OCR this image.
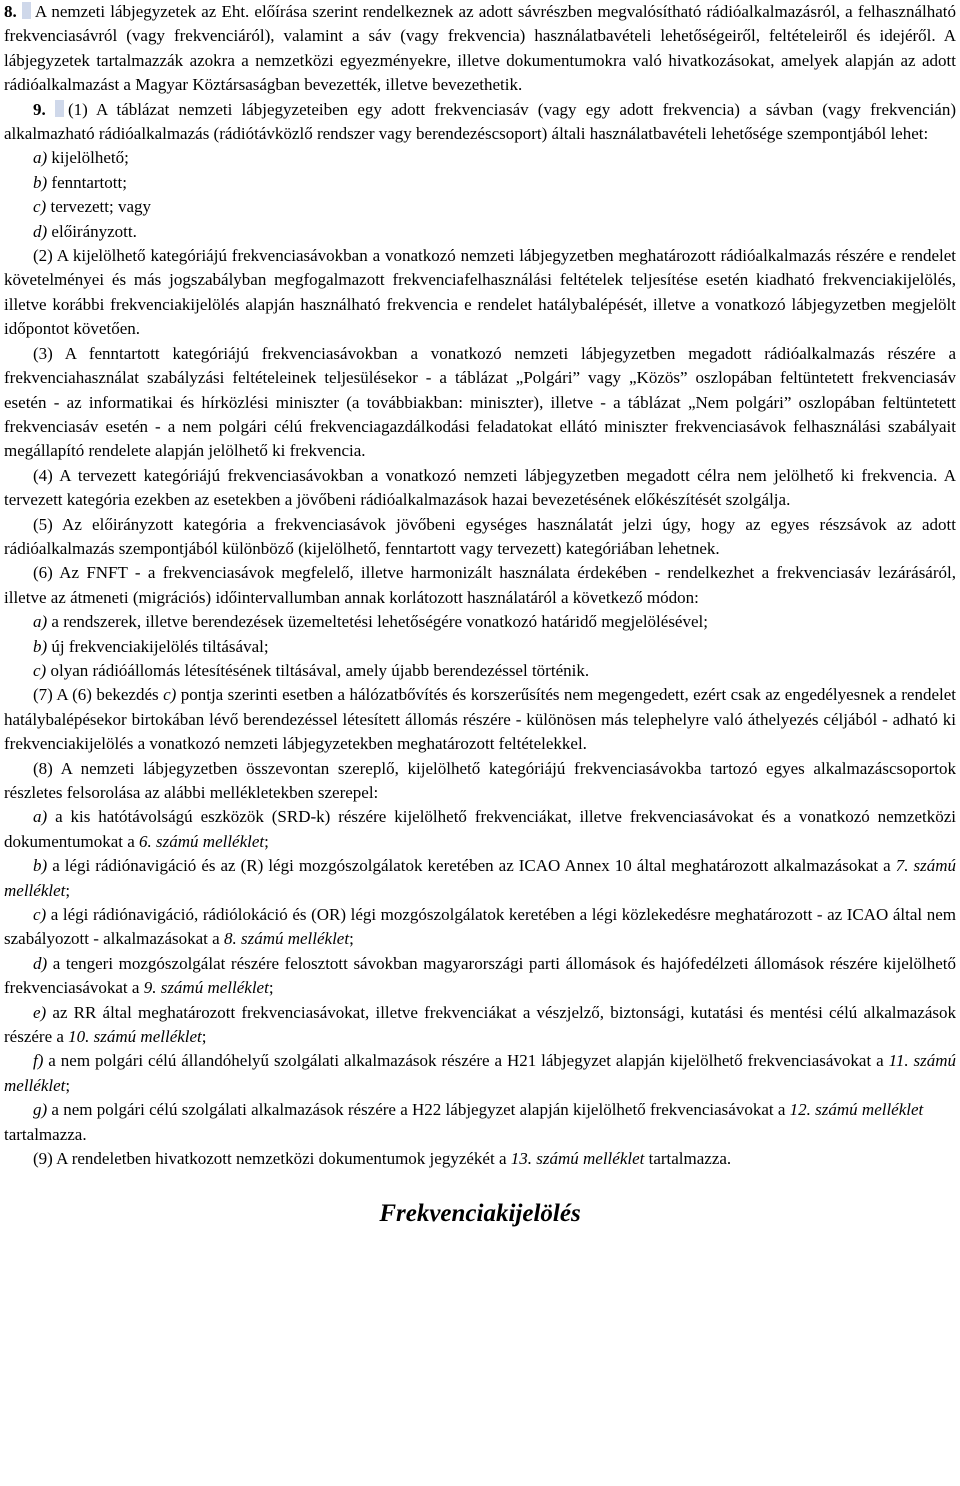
8. A nemzeti lábjegyzetek az Eht. előírása szerint rendelkeznek az adott sávrészben megvalósítható rádióalkalmazásról, a felhasználható frekvenciasávról (vagy frekvenciáról), valamint a sáv (vagy frekvencia) használatbavételi lehetőségeiről, feltételeiről és idejéről. A lábjegyzetek tartalmazzák azokra a nemzetközi egyezményekre, illetve dokumentumokra való hivatkozásokat, amelyek alapján az adott rádióalkalmazást a Magyar Köztársaságban bevezették, illetve bevezethetik.

9. (1) A táblázat nemzeti lábjegyzeteiben egy adott frekvenciasáv (vagy egy adott frekvencia) a sávban (vagy frekvencián) alkalmazható rádióalkalmazás (rádiótávközlő rendszer vagy berendezéscsoport) általi használatbavételi lehetősége szempontjából lehet:

a) kijelölhető;

b) fenntartott;

c) tervezett; vagy

d) előirányzott.

(2) A kijelölhető kategóriájú frekvenciasávokban a vonatkozó nemzeti lábjegyzetben meghatározott rádióalkalmazás részére e rendelet követelményei és más jogszabályban megfogalmazott frekvenciafelhasználási feltételek teljesítése esetén kiadható frekvenciakijelölés, illetve korábbi frekvenciakijelölés alapján használható frekvencia e rendelet hatálybalépését, illetve a vonatkozó lábjegyzetben megjelölt időpontot követően.

(3) A fenntartott kategóriájú frekvenciasávokban a vonatkozó nemzeti lábjegyzetben megadott rádióalkalmazás részére a frekvenciahasználat szabályzási feltételeinek teljesülésekor - a táblázat „Polgári” vagy „Közös” oszlopában feltüntetett frekvenciasáv esetén - az informatikai és hírközlési miniszter (a továbbiakban: miniszter), illetve - a táblázat „Nem polgári” oszlopában feltüntetett frekvenciasáv esetén - a nem polgári célú frekvenciagazdálkodási feladatokat ellátó miniszter frekvenciasávok felhasználási szabályait megállapító rendelete alapján jelölhető ki frekvencia.

(4) A tervezett kategóriájú frekvenciasávokban a vonatkozó nemzeti lábjegyzetben megadott célra nem jelölhető ki frekvencia. A tervezett kategória ezekben az esetekben a jövőbeni rádióalkalmazások hazai bevezetésének előkészítését szolgálja.

(5) Az előirányzott kategória a frekvenciasávok jövőbeni egységes használatát jelzi úgy, hogy az egyes részsávok az adott rádióalkalmazás szempontjából különböző (kijelölhető, fenntartott vagy tervezett) kategóriában lehetnek.

(6) Az FNFT - a frekvenciasávok megfelelő, illetve harmonizált használata érdekében - rendelkezhet a frekvenciasáv lezárásáról, illetve az átmeneti (migrációs) időintervallumban annak korlátozott használatáról a következő módon:

a) a rendszerek, illetve berendezések üzemeltetési lehetőségére vonatkozó határidő megjelölésével;

b) új frekvenciakijelölés tiltásával;

c) olyan rádióállomás létesítésének tiltásával, amely újabb berendezéssel történik.

(7) A (6) bekezdés c) pontja szerinti esetben a hálózatbővítés és korszerűsítés nem megengedett, ezért csak az engedélyesnek a rendelet hatálybalépésekor birtokában lévő berendezéssel létesített állomás részére - különösen más telephelyre való áthelyezés céljából - adható ki frekvenciakijelölés a vonatkozó nemzeti lábjegyzetekben meghatározott feltételekkel.

(8) A nemzeti lábjegyzetben összevontan szereplő, kijelölhető kategóriájú frekvenciasávokba tartozó egyes alkalmazáscsoportok részletes felsorolása az alábbi mellékletekben szerepel:

a) a kis hatótávolságú eszközök (SRD-k) részére kijelölhető frekvenciákat, illetve frekvenciasávokat és a vonatkozó nemzetközi dokumentumokat a 6. számú melléklet;

b) a légi rádiónavigáció és az (R) légi mozgószolgálatok keretében az ICAO Annex 10 által meghatározott alkalmazásokat a 7. számú melléklet;

c) a légi rádiónavigáció, rádiólokáció és (OR) légi mozgószolgálatok keretében a légi közlekedésre meghatározott - az ICAO által nem szabályozott - alkalmazásokat a 8. számú melléklet;

d) a tengeri mozgószolgálat részére felosztott sávokban magyarországi parti állomások és hajófedélzeti állomások részére kijelölhető frekvenciasávokat a 9. számú melléklet;

e) az RR által meghatározott frekvenciasávokat, illetve frekvenciákat a vészjelző, biztonsági, kutatási és mentési célú alkalmazások részére a 10. számú melléklet;

f) a nem polgári célú állandóhelyű szolgálati alkalmazások részére a H21 lábjegyzet alapján kijelölhető frekvenciasávokat a 11. számú melléklet;

g) a nem polgári célú szolgálati alkalmazások részére a H22 lábjegyzet alapján kijelölhető frekvenciasávokat a 12. számú melléklet

tartalmazza.

(9) A rendeletben hivatkozott nemzetközi dokumentumok jegyzékét a 13. számú melléklet tartalmazza.

Frekvenciakijelölés
